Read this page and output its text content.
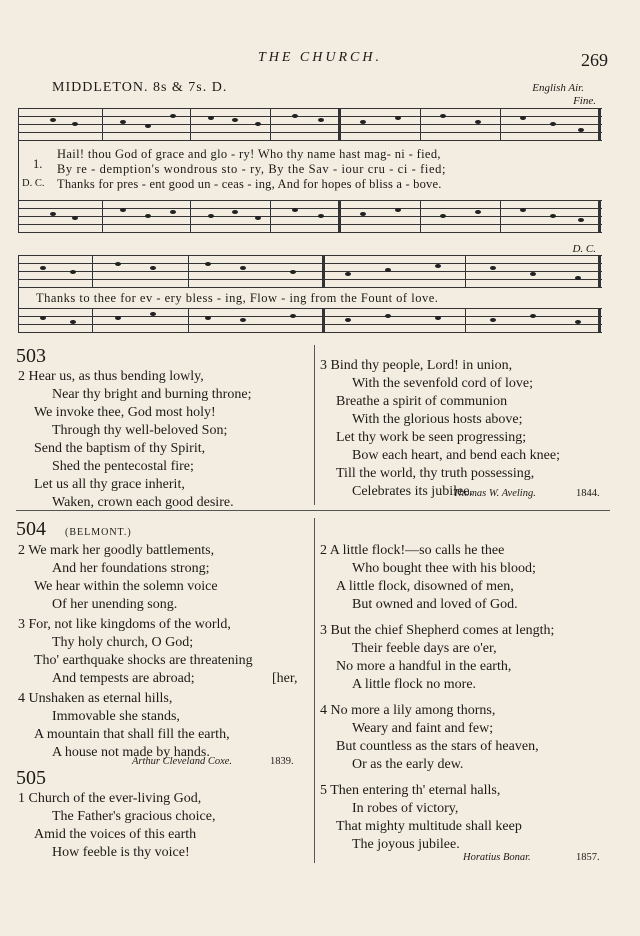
THE CHURCH.	269
MIDDLETON. 8s & 7s. D.	English Air.
Fine.
D. C.
1.
Hail! thou God of grace and glo - ry! Who thy name hast mag- ni - fied,
By re - demption's wondrous sto - ry, By the Sav - iour cru - ci - fied;
D. C. Thanks for pres - ent good un - ceas - ing, And for hopes of bliss a - bove.
Thanks to thee for ev - ery bless - ing, Flow - ing from the Fount of love.
503
2 Hear us, as thus bending lowly,
Near thy bright and burning throne;
We invoke thee, God most holy!
Through thy well-beloved Son;
Send the baptism of thy Spirit,
Shed the pentecostal fire;
Let us all thy grace inherit,
Waken, crown each good desire.
3 Bind thy people, Lord! in union,
With the sevenfold cord of love;
Breathe a spirit of communion
With the glorious hosts above;
Let thy work be seen progressing;
Bow each heart, and bend each knee;
Till the world, thy truth possessing,
Celebrates its jubilee.
Thomas W. Aveling.	1844.
504 (BELMONT.)
2 We mark her goodly battlements,
And her foundations strong;
We hear within the solemn voice
Of her unending song.
3 For, not like kingdoms of the world,
Thy holy church, O God;
Tho' earthquake shocks are threatening
And tempests are abroad;	[her,
4 Unshaken as eternal hills,
Immovable she stands,
A mountain that shall fill the earth,
A house not made by hands.
Arthur Cleveland Coxe.	1839.
2 A little flock!—so calls he thee
Who bought thee with his blood;
A little flock, disowned of men,
But owned and loved of God.
3 But the chief Shepherd comes at length;
Their feeble days are o'er,
No more a handful in the earth,
A little flock no more.
4 No more a lily among thorns,
Weary and faint and few;
But countless as the stars of heaven,
Or as the early dew.
5 Then entering th' eternal halls,
In robes of victory,
That mighty multitude shall keep
The joyous jubilee.
Horatius Bonar.	1857.
505
1 Church of the ever-living God,
The Father's gracious choice,
Amid the voices of this earth
How feeble is thy voice!
